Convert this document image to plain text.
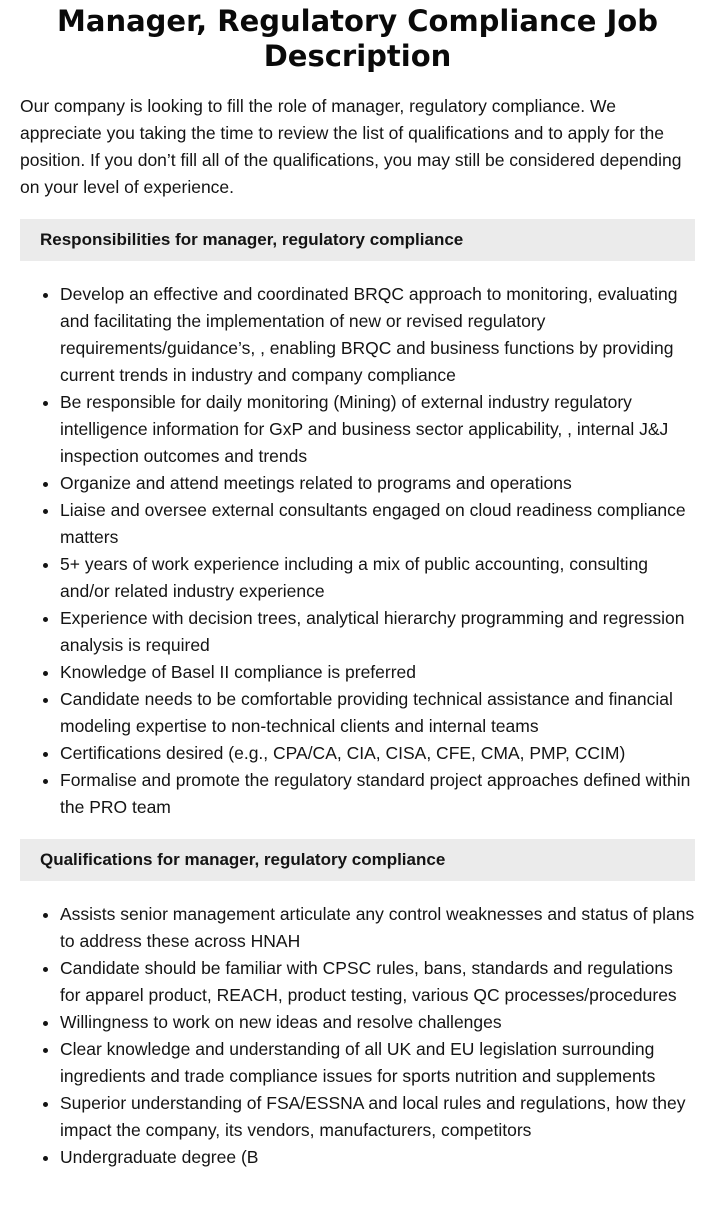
Manager, Regulatory Compliance Job Description

Our company is looking to fill the role of manager, regulatory compliance. We appreciate you taking the time to review the list of qualifications and to apply for the position. If you don’t fill all of the qualifications, you may still be considered depending on your level of experience.

Responsibilities for manager, regulatory compliance
• Develop an effective and coordinated BRQC approach to monitoring, evaluating and facilitating the implementation of new or revised regulatory requirements/guidance’s, , enabling BRQC and business functions by providing current trends in industry and company compliance
• Be responsible for daily monitoring (Mining) of external industry regulatory intelligence information for GxP and business sector applicability, , internal J&J inspection outcomes and trends
• Organize and attend meetings related to programs and operations
• Liaise and oversee external consultants engaged on cloud readiness compliance matters
• 5+ years of work experience including a mix of public accounting, consulting and/or related industry experience
• Experience with decision trees, analytical hierarchy programming and regression analysis is required
• Knowledge of Basel II compliance is preferred
• Candidate needs to be comfortable providing technical assistance and financial modeling expertise to non-technical clients and internal teams
• Certifications desired (e.g., CPA/CA, CIA, CISA, CFE, CMA, PMP, CCIM)
• Formalise and promote the regulatory standard project approaches defined within the PRO team
Qualifications for manager, regulatory compliance
• Assists senior management articulate any control weaknesses and status of plans to address these across HNAH
• Candidate should be familiar with CPSC rules, bans, standards and regulations for apparel product, REACH, product testing, various QC processes/procedures
• Willingness to work on new ideas and resolve challenges
• Clear knowledge and understanding of all UK and EU legislation surrounding ingredients and trade compliance issues for sports nutrition and supplements
• Superior understanding of FSA/ESSNA and local rules and regulations, how they impact the company, its vendors, manufacturers, competitors
• Undergraduate degree (B
